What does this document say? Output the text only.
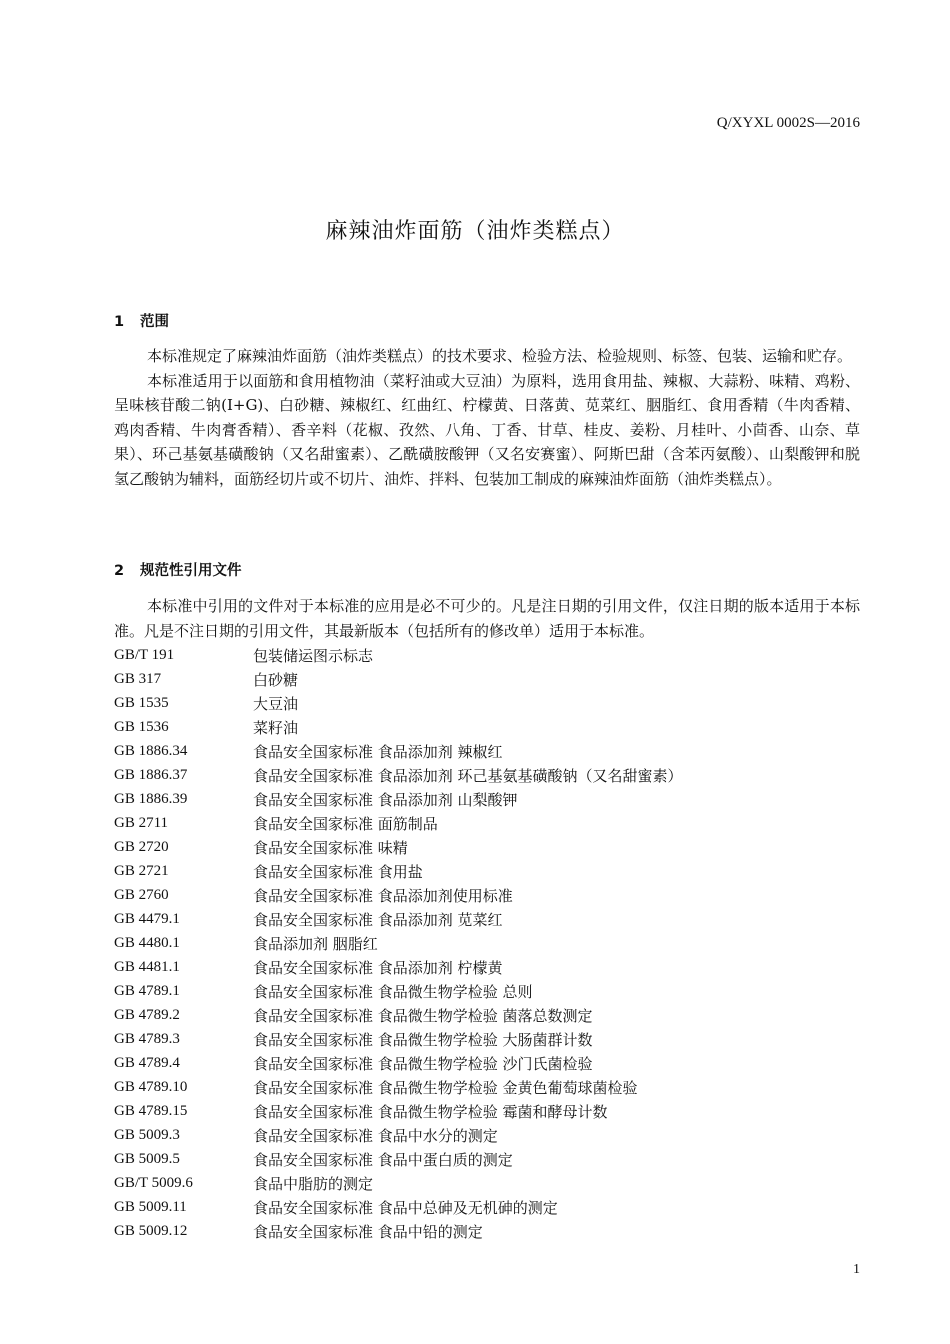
Q/XYXL 0002S—2016
麻辣油炸面筋（油炸类糕点）
1 范围

本标准规定了麻辣油炸面筋（油炸类糕点）的技术要求、检验方法、检验规则、标签、包装、运输和贮存。

本标准适用于以面筋和食用植物油（菜籽油或大豆油）为原料，选用食用盐、辣椒、大蒜粉、味精、鸡粉、呈味核苷酸二钠(I+G)、白砂糖、辣椒红、红曲红、柠檬黄、日落黄、苋菜红、胭脂红、食用香精（牛肉香精、鸡肉香精、牛肉膏香精）、香辛料（花椒、孜然、八角、丁香、甘草、桂皮、姜粉、月桂叶、小茴香、山奈、草果）、环己基氨基磺酸钠（又名甜蜜素）、乙酰磺胺酸钾（又名安赛蜜）、阿斯巴甜（含苯丙氨酸）、山梨酸钾和脱氢乙酸钠为辅料，面筋经切片或不切片、油炸、拌料、包装加工制成的麻辣油炸面筋（油炸类糕点）。

2 规范性引用文件

本标准中引用的文件对于本标准的应用是必不可少的。凡是注日期的引用文件，仅注日期的版本适用于本标准。凡是不注日期的引用文件，其最新版本（包括所有的修改单）适用于本标准。

GB/T 191	包装储运图示标志
GB 317	白砂糖
GB 1535	大豆油
GB 1536	菜籽油
GB 1886.34	食品安全国家标准 食品添加剂 辣椒红
GB 1886.37	食品安全国家标准 食品添加剂 环己基氨基磺酸钠（又名甜蜜素）
GB 1886.39	食品安全国家标准 食品添加剂 山梨酸钾
GB 2711	食品安全国家标准 面筋制品
GB 2720	食品安全国家标准 味精
GB 2721	食品安全国家标准 食用盐
GB 2760	食品安全国家标准 食品添加剂使用标准
GB 4479.1	食品安全国家标准 食品添加剂 苋菜红
GB 4480.1	食品添加剂 胭脂红
GB 4481.1	食品安全国家标准 食品添加剂 柠檬黄
GB 4789.1	食品安全国家标准 食品微生物学检验 总则
GB 4789.2	食品安全国家标准 食品微生物学检验 菌落总数测定
GB 4789.3	食品安全国家标准 食品微生物学检验 大肠菌群计数
GB 4789.4	食品安全国家标准 食品微生物学检验 沙门氏菌检验
GB 4789.10	食品安全国家标准 食品微生物学检验 金黄色葡萄球菌检验
GB 4789.15	食品安全国家标准 食品微生物学检验 霉菌和酵母计数
GB 5009.3	食品安全国家标准 食品中水分的测定
GB 5009.5	食品安全国家标准 食品中蛋白质的测定
GB/T 5009.6	食品中脂肪的测定
GB 5009.11	食品安全国家标准 食品中总砷及无机砷的测定
GB 5009.12	食品安全国家标准 食品中铅的测定
1
